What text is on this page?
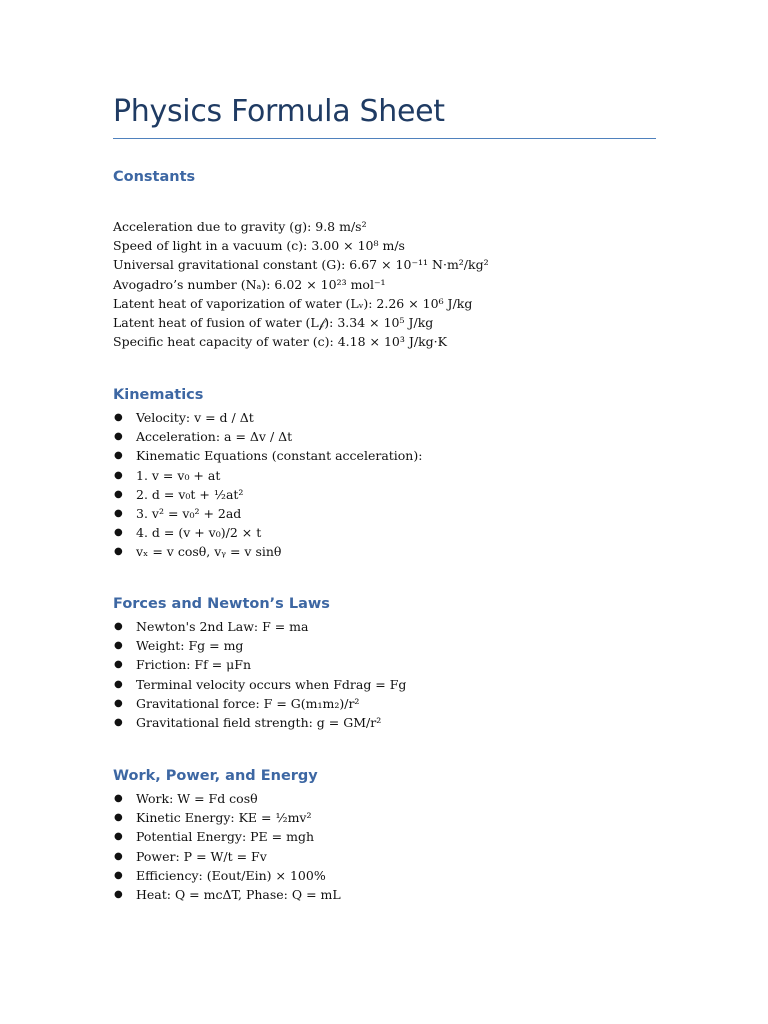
Physics Formula Sheet
Constants
Acceleration due to gravity (g): 9.8 m/s²
Speed of light in a vacuum (c): 3.00 × 10⁸ m/s
Universal gravitational constant (G): 6.67 × 10⁻¹¹ N·m²/kg²
Avogadro’s number (Nₐ): 6.02 × 10²³ mol⁻¹
Latent heat of vaporization of water (Lᵥ): 2.26 × 10⁶ J/kg
Latent heat of fusion of water (L𝒻): 3.34 × 10⁵ J/kg
Specific heat capacity of water (c): 4.18 × 10³ J/kg·K
Kinematics
● Velocity: v = d / Δt
● Acceleration: a = Δv / Δt
● Kinematic Equations (constant acceleration):
● 1. v = v₀ + at
● 2. d = v₀t + ½at²
● 3. v² = v₀² + 2ad
● 4. d = (v + v₀)/2 × t
● vₓ = v cosθ, vᵧ = v sinθ
Forces and Newton’s Laws
● Newton's 2nd Law: F = ma
● Weight: Fg = mg
● Friction: Ff = μFn
● Terminal velocity occurs when Fdrag = Fg
● Gravitational force: F = G(m₁m₂)/r²
● Gravitational field strength: g = GM/r²
Work, Power, and Energy
● Work: W = Fd cosθ
● Kinetic Energy: KE = ½mv²
● Potential Energy: PE = mgh
● Power: P = W/t = Fv
● Efficiency: (Eout/Ein) × 100%
● Heat: Q = mcΔT, Phase: Q = mL
